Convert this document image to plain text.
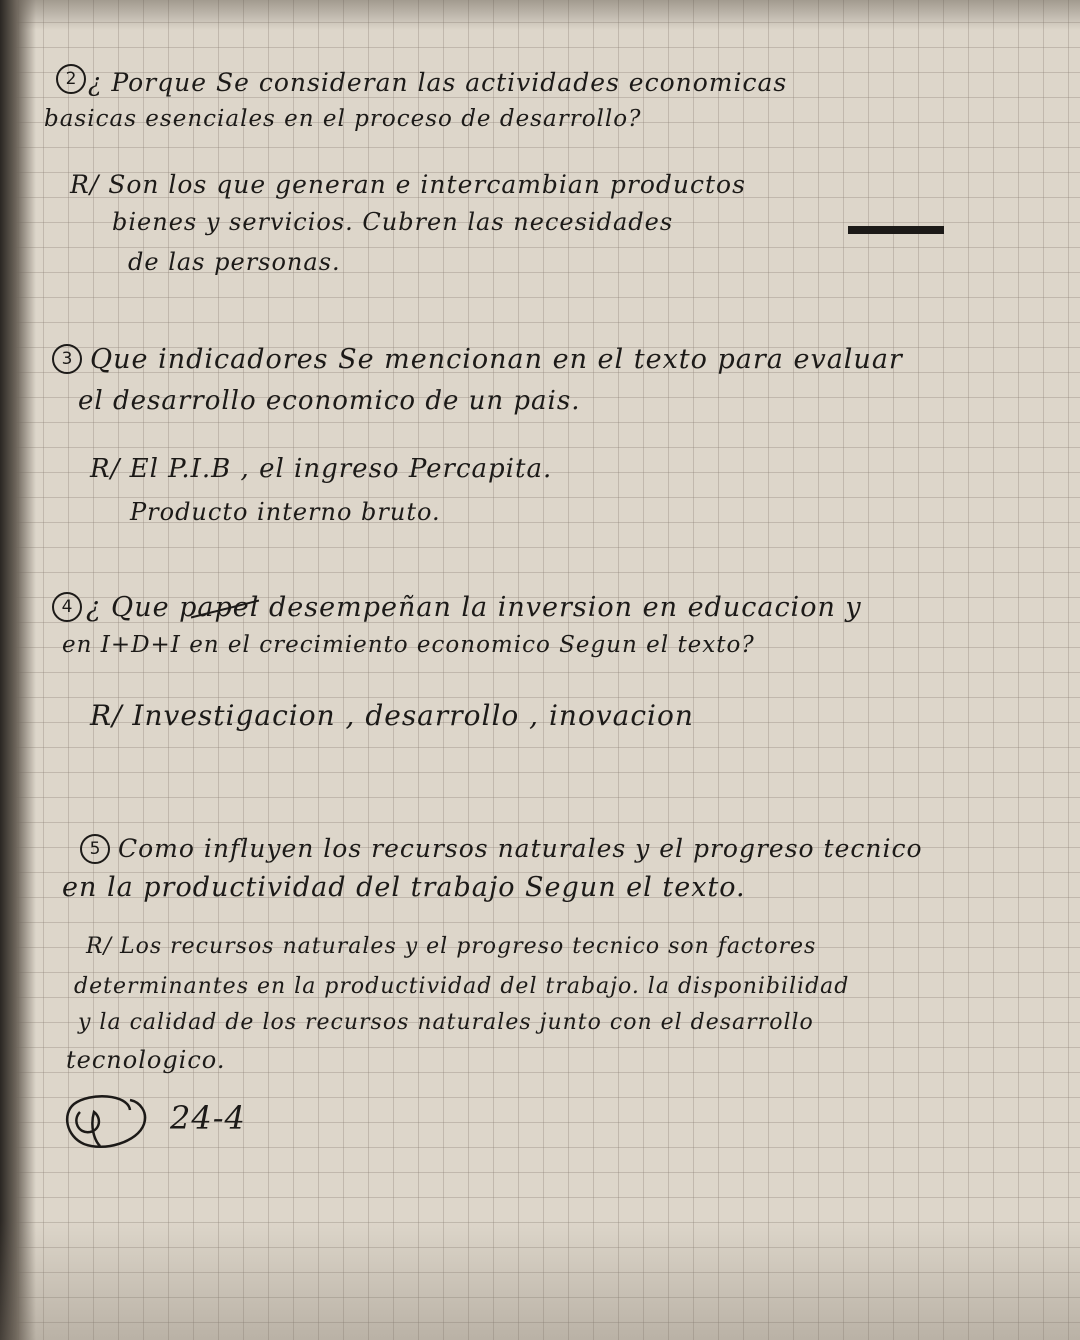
2 ¿ Porque Se consideran las actividades economicas
basicas esenciales en el proceso de desarrollo?
R/ Son los que generan e intercambian productos
bienes y servicios. Cubren las necesidades
de las personas.
3 Que indicadores Se mencionan en el texto para evaluar
el desarrollo economico de un pais.
R/ El P.I.B , el ingreso Percapita.
Producto interno bruto.
4 ¿ Que papel desempeñan la inversion en educacion y
en I+D+I en el crecimiento economico Segun el texto?
R/ Investigacion , desarrollo , inovacion
5 Como influyen los recursos naturales y el progreso tecnico
en la productividad del trabajo Segun el texto.
R/ Los recursos naturales y el progreso tecnico son factores
determinantes en la productividad del trabajo. la disponibilidad
y la calidad de los recursos naturales junto con el desarrollo
tecnologico.
24-4
